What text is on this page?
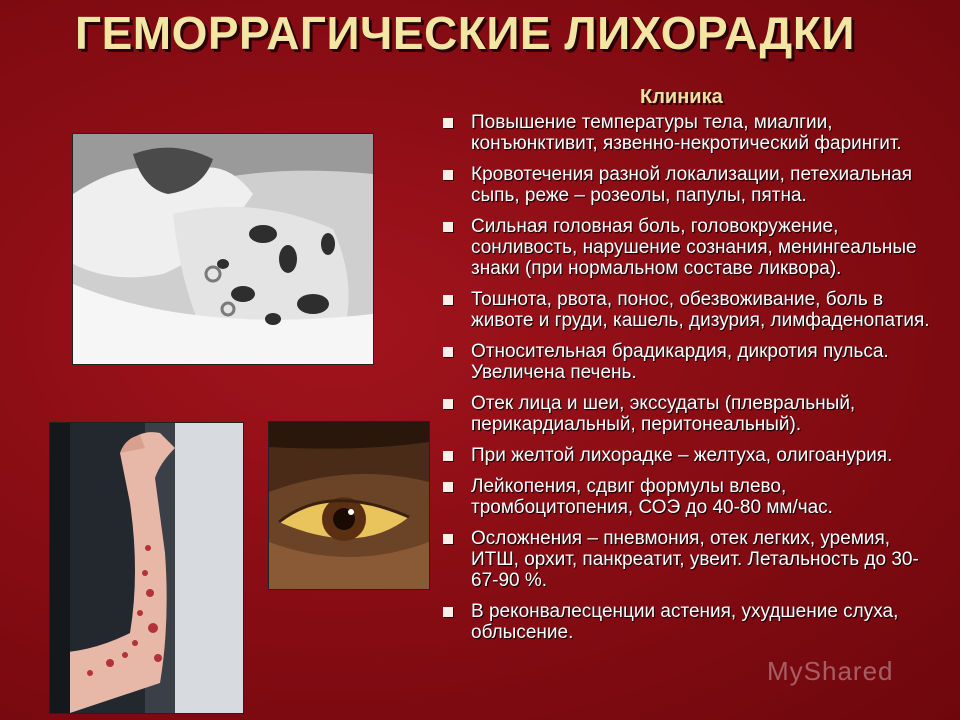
ГЕМОРРАГИЧЕСКИЕ ЛИХОРАДКИ
Клиника
Повышение температуры тела, миалгии, конъюнктивит, язвенно-некротический фарингит.
Кровотечения разной локализации, петехиальная сыпь, реже – розеолы, папулы, пятна.
Сильная головная боль, головокружение, сонливость, нарушение сознания, менингеальные знаки (при нормальном составе ликвора).
Тошнота, рвота, понос, обезвоживание, боль в животе и груди, кашель, дизурия, лимфаденопатия.
Относительная брадикардия, дикротия пульса. Увеличена печень.
Отек лица и шеи, экссудаты (плевральный, перикардиальный, перитонеальный).
При желтой лихорадке – желтуха, олигоанурия.
Лейкопения, сдвиг формулы влево, тромбоцитопения, СОЭ до 40-80 мм/час.
Осложнения – пневмония, отек легких, уремия, ИТШ, орхит, панкреатит, увеит. Летальность до 30-67-90 %.
В реконвалесценции астения, ухудшение слуха, облысение.
MyShared
